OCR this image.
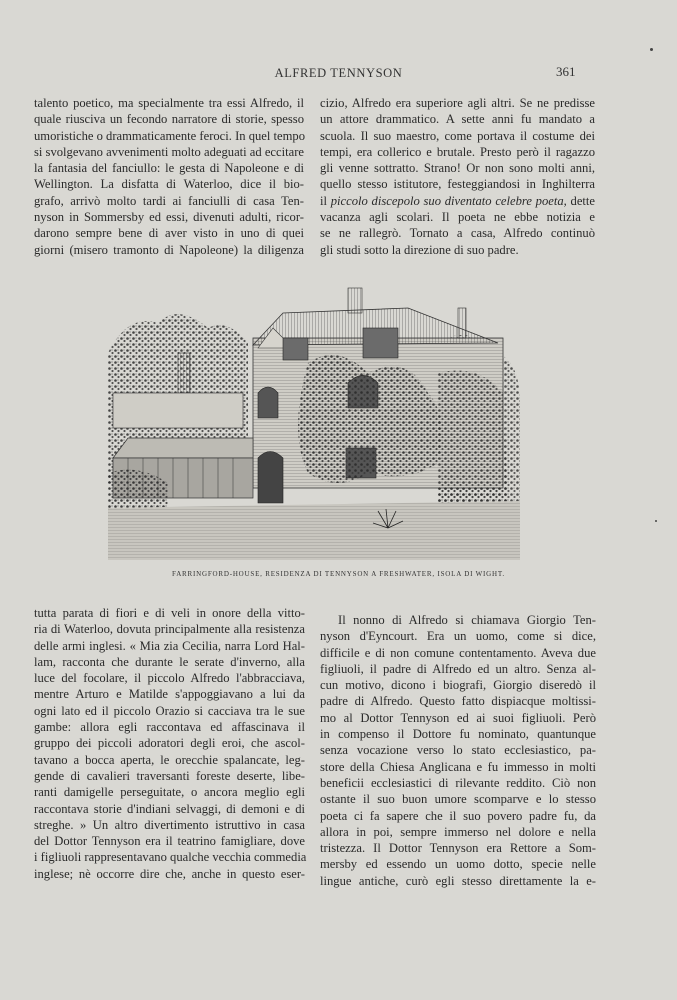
ALFRED TENNYSON	361
talento poetico, ma specialmente tra essi Alfredo, il
quale riusciva un fecondo narratore di storie, spesso
umoristiche o drammaticamente feroci. In quel tempo
si svolgevano avvenimenti molto adeguati ad eccitare
la fantasia del fanciullo: le gesta di Napoleone e di
Wellington. La disfatta di Waterloo, dice il bio-
grafo, arrivò molto tardi ai fanciulli di casa Ten-
nyson in Sommersby ed essi, divenuti adulti, ricor-
darono sempre bene di aver visto in uno di quei
giorni (misero tramonto di Napoleone) la diligenza
cizio, Alfredo era superiore agli altri. Se ne predisse
un attore drammatico. A sette anni fu mandato a
scuola. Il suo maestro, come portava il costume dei
tempi, era collerico e brutale. Presto però il ragazzo
gli venne sottratto. Strano! Or non sono molti anni,
quello stesso istitutore, festeggiandosi in Inghilterra
il piccolo discepolo suo diventato celebre poeta, dette
vacanza agli scolari. Il poeta ne ebbe notizia e
se ne rallegrò. Tornato a casa, Alfredo continuò
gli studi sotto la direzione di suo padre.
FARRINGFORD-HOUSE, RESIDENZA DI TENNYSON A FRESHWATER, ISOLA DI WIGHT.
tutta parata di fiori e di veli in onore della vitto-
ria di Waterloo, dovuta principalmente alla resistenza
delle armi inglesi. « Mia zia Cecilia, narra Lord Hal-
lam, racconta che durante le serate d'inverno, alla
luce del focolare, il piccolo Alfredo l'abbracciava,
mentre Arturo e Matilde s'appoggiavano a lui da
ogni lato ed il piccolo Orazio si cacciava tra le sue
gambe: allora egli raccontava ed affascinava il
gruppo dei piccoli adoratori degli eroi, che ascol-
tavano a bocca aperta, le orecchie spalancate, leg-
gende di cavalieri traversanti foreste deserte, libe-
ranti damigelle perseguitate, o ancora meglio egli
raccontava storie d'indiani selvaggi, di demoni e di
streghe. » Un altro divertimento istruttivo in casa
del Dottor Tennyson era il teatrino famigliare, dove
i figliuoli rappresentavano qualche vecchia commedia
inglese; nè occorre dire che, anche in questo eser-
Il nonno di Alfredo si chiamava Giorgio Ten-
nyson d'Eyncourt. Era un uomo, come si dice,
difficile e di non comune contentamento. Aveva due
figliuoli, il padre di Alfredo ed un altro. Senza al-
cun motivo, dicono i biografi, Giorgio diseredò il
padre di Alfredo. Questo fatto dispiacque moltissi-
mo al Dottor Tennyson ed ai suoi figliuoli. Però
in compenso il Dottore fu nominato, quantunque
senza vocazione verso lo stato ecclesiastico, pa-
store della Chiesa Anglicana e fu immesso in molti
beneficii ecclesiastici di rilevante reddito. Ciò non
ostante il suo buon umore scomparve e lo stesso
poeta ci fa sapere che il suo povero padre fu, da
allora in poi, sempre immerso nel dolore e nella
tristezza. Il Dottor Tennyson era Rettore a Som-
mersby ed essendo un uomo dotto, specie nelle
lingue antiche, curò egli stesso direttamente la e-
